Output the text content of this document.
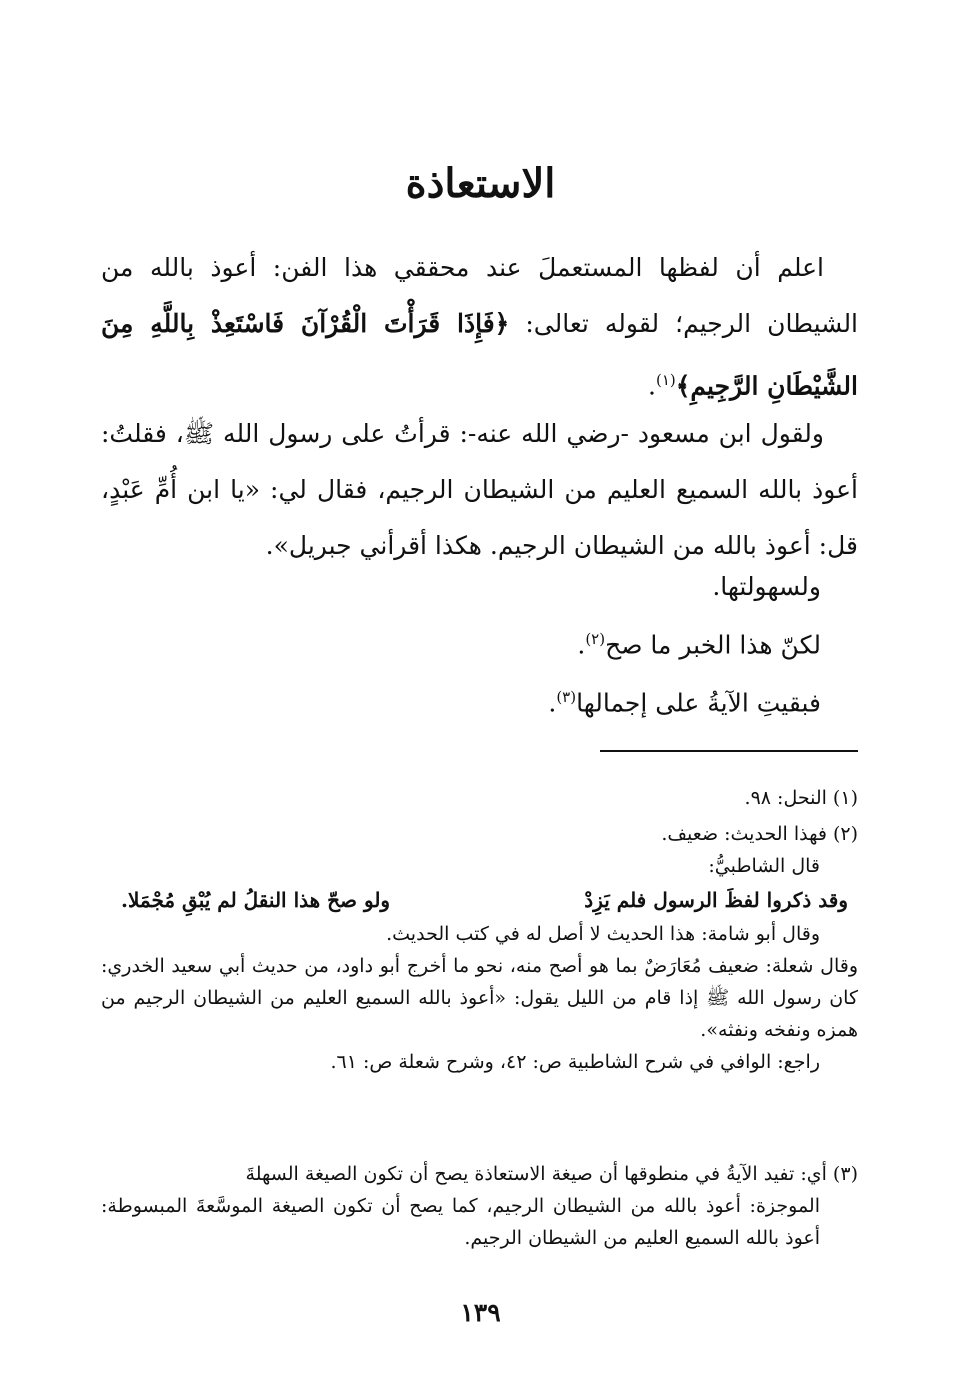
الاستعاذة

اعلم أن لفظها المستعملَ عند محققي هذا الفن: أعوذ بالله من الشيطان الرجيم؛ لقوله تعالى: ﴿فَإِذَا قَرَأْتَ الْقُرْآنَ فَاسْتَعِذْ بِاللَّهِ مِنَ الشَّيْطَانِ الرَّجِيمِ﴾$^{(١)}$.

ولقول ابن مسعود -رضي الله عنه-: قرأتُ على رسول الله ﷺ، فقلتُ: أعوذ بالله السميع العليم من الشيطان الرجيم، فقال لي: «يا ابن أُمِّ عَبْدٍ، قل: أعوذ بالله من الشيطان الرجيم. هكذا أقرأني جبريل».

ولسهولتها.
لكنّ هذا الخبر ما صح$^{(٢)}$.
فبقيتِ الآيةُ على إجمالها$^{(٣)}$.

(١) النحل: ٩٨.

(٢) فهذا الحديث: ضعيف.

قال الشاطبيُّ:

وقد ذكروا لفظَ الرسول فلم يَزِدْ
ولو صحّ هذا النقلُ لم يُبْقِ مُجْمَلا.

وقال أبو شامة: هذا الحديث لا أصل له في كتب الحديث.

وقال شعلة: ضعيف مُعَارَضٌ بما هو أصح منه، نحو ما أخرج أبو داود، من حديث أبي سعيد الخدري: كان رسول الله ﷺ إذا قام من الليل يقول: «أعوذ بالله السميع العليم من الشيطان الرجيم من همزه ونفخه ونفثه».

راجع: الوافي في شرح الشاطبية ص: ٤٢، وشرح شعلة ص: ٦١.

(٣) أي: تفيد الآيةُ في منطوقها أن صيغة الاستعاذة يصح أن تكون الصيغة السهلةَ

الموجزة: أعوذ بالله من الشيطان الرجيم، كما يصح أن تكون الصيغة الموسَّعةَ المبسوطة: أعوذ بالله السميع العليم من الشيطان الرجيم.

١٣٩
